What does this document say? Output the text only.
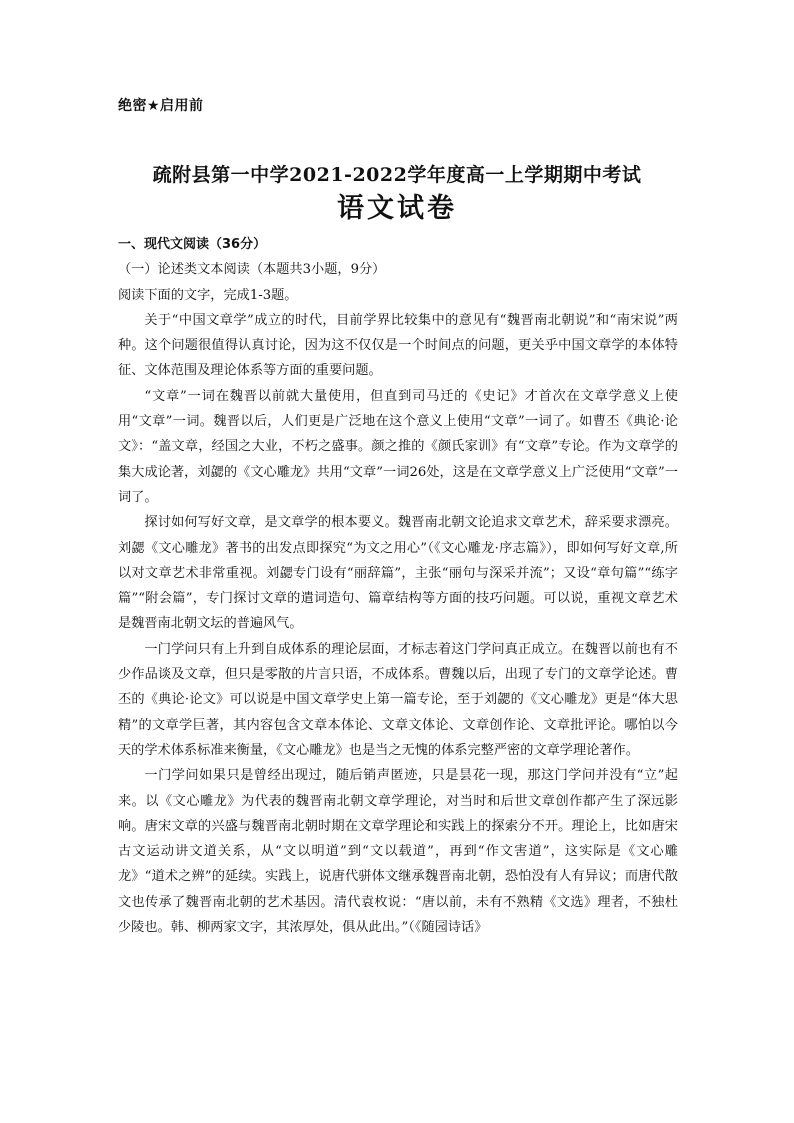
绝密★启用前
疏附县第一中学2021-2022学年度高一上学期期中考试
语文试卷

一、现代文阅读（36分）

（一）论述类文本阅读（本题共3小题，9分）

阅读下面的文字，完成1-3题。

关于“中国文章学”成立的时代，目前学界比较集中的意见有“魏晋南北朝说”和“南宋说”两种。这个问题很值得认真讨论，因为这不仅仅是一个时间点的问题，更关乎中国文章学的本体特征、文体范围及理论体系等方面的重要问题。

“文章”一词在魏晋以前就大量使用，但直到司马迁的《史记》才首次在文章学意义上使用“文章”一词。魏晋以后，人们更是广泛地在这个意义上使用“文章”一词了。如曹丕《典论·论文》：“盖文章，经国之大业，不朽之盛事。颜之推的《颜氏家训》有“文章”专论。作为文章学的集大成论著，刘勰的《文心雕龙》共用“文章”一词26处，这是在文章学意义上广泛使用“文章”一词了。

探讨如何写好文章，是文章学的根本要义。魏晋南北朝文论追求文章艺术，辞采要求漂亮。刘勰《文心雕龙》著书的出发点即探究“为文之用心”（《文心雕龙·序志篇》），即如何写好文章,所以对文章艺术非常重视。刘勰专门设有“丽辞篇”，主张“丽句与深采并流”；又设“章句篇”“练字篇”“附会篇”，专门探讨文章的遣词造句、篇章结构等方面的技巧问题。可以说，重视文章艺术是魏晋南北朝文坛的普遍风气。

一门学问只有上升到自成体系的理论层面，才标志着这门学问真正成立。在魏晋以前也有不少作品谈及文章，但只是零散的片言只语，不成体系。曹魏以后，出现了专门的文章学论述。曹丕的《典论·论文》可以说是中国文章学史上第一篇专论，至于刘勰的《文心雕龙》更是“体大思精”的文章学巨著，其内容包含文章本体论、文章文体论、文章创作论、文章批评论。哪怕以今天的学术体系标准来衡量，《文心雕龙》也是当之无愧的体系完整严密的文章学理论著作。

一门学问如果只是曾经出现过，随后销声匿迹，只是昙花一现，那这门学问并没有“立”起来。以《文心雕龙》为代表的魏晋南北朝文章学理论，对当时和后世文章创作都产生了深远影响。唐宋文章的兴盛与魏晋南北朝时期在文章学理论和实践上的探索分不开。理论上，比如唐宋古文运动讲文道关系，从“文以明道”到“文以载道”，再到“作文害道”，这实际是《文心雕龙》“道术之辨”的延续。实践上，说唐代骈体文继承魏晋南北朝，恐怕没有人有异议；而唐代散文也传承了魏晋南北朝的艺术基因。清代袁枚说：“唐以前，未有不熟精《文选》理者，不独杜少陵也。韩、柳两家文字，其浓厚处，俱从此出。”（《随园诗话》
